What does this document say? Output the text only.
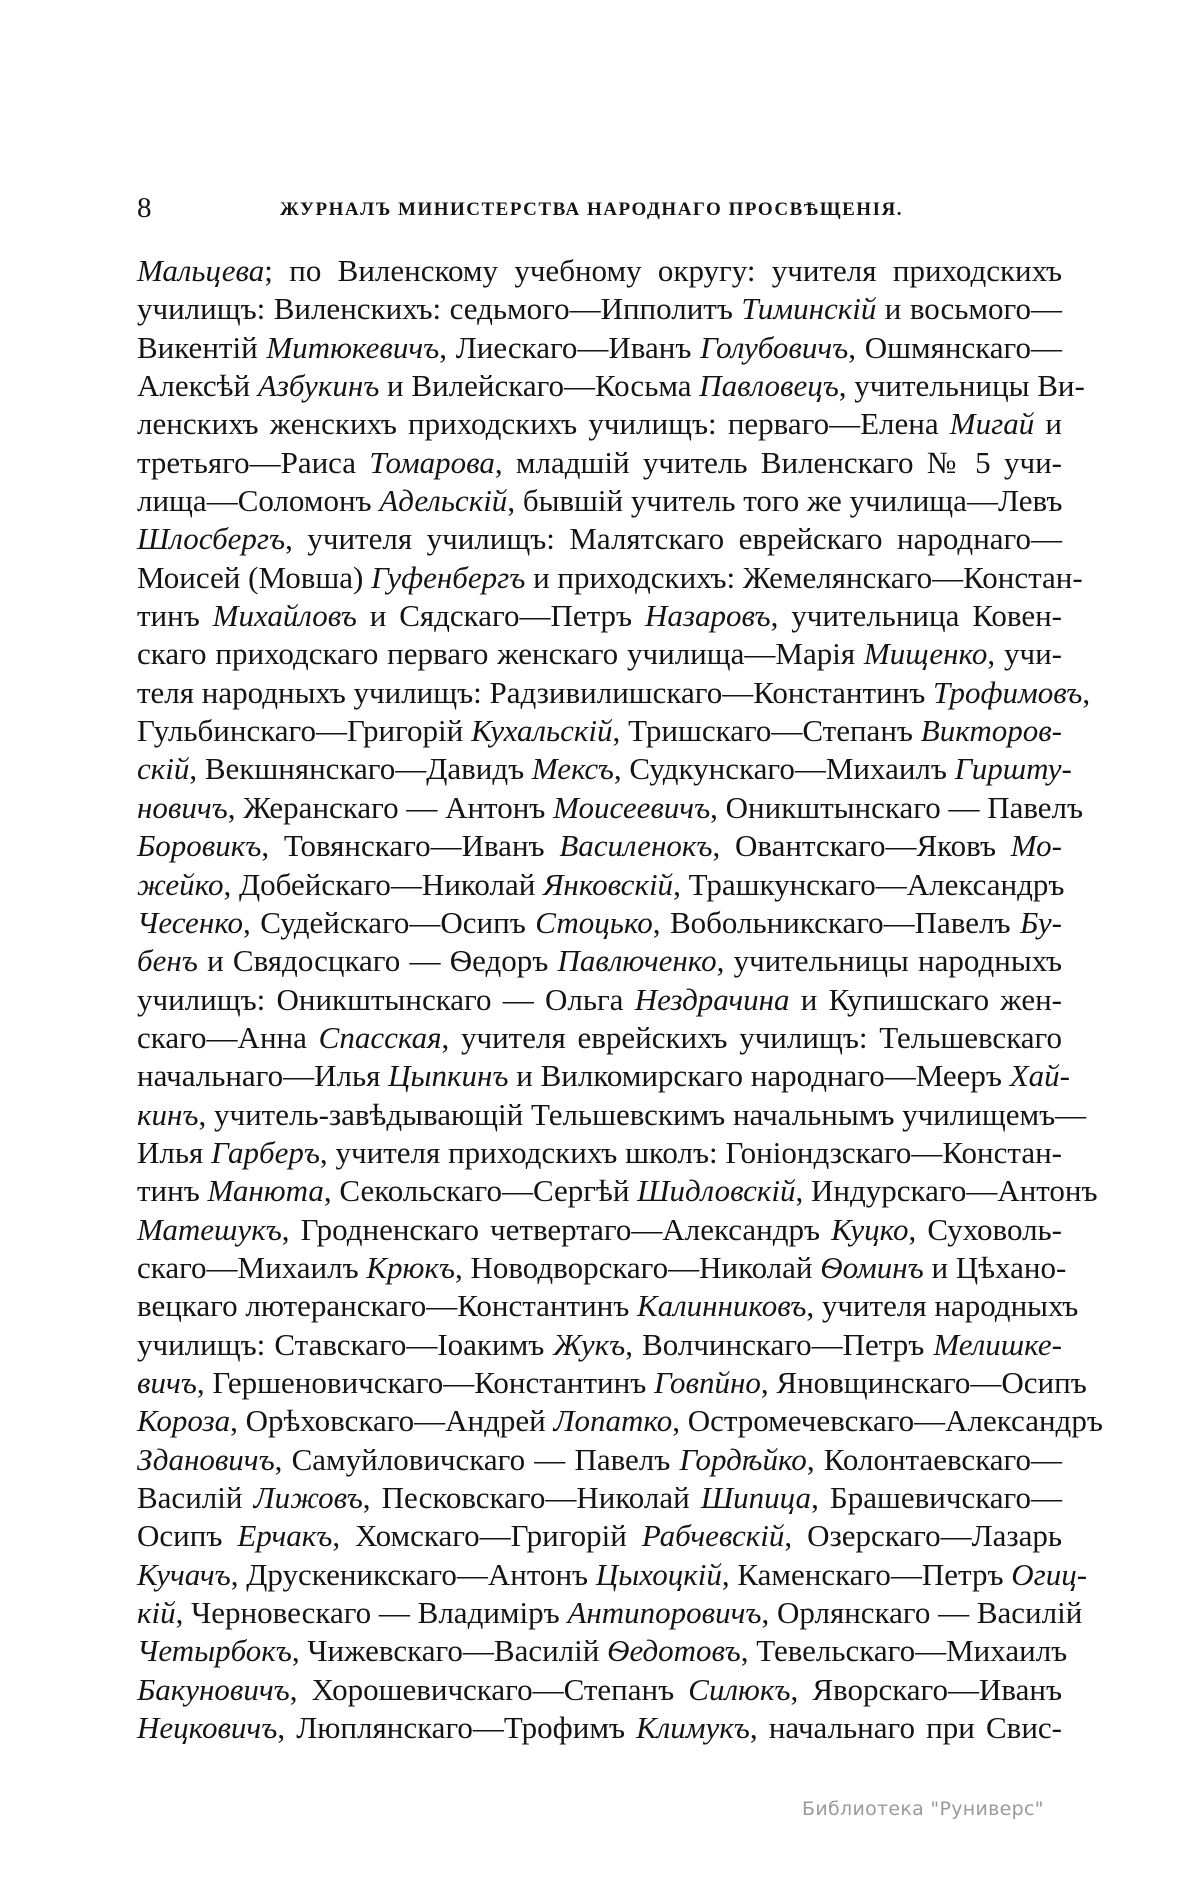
8	ЖУРНАЛЪ МИНИСТЕРСТВА НАРОДНАГО ПРОСВѢЩЕНІЯ.
Мальцева; по Виленскому учебному округу: учителя приходскихъ
училищъ: Виленскихъ: седьмого—Ипполитъ Тиминскій и восьмого—
Викентій Митюкевичъ, Лиескаго—Иванъ Голубовичъ, Ошмянскаго—
Алексѣй Азбукинъ и Вилейскаго—Косьма Павловецъ, учительницы Ви-
ленскихъ женскихъ приходскихъ училищъ: перваго—Елена Мигай и
третьяго—Раиса Томарова, младшій учитель Виленскаго № 5 учи-
лища—Соломонъ Адельскій, бывшій учитель того же училища—Левъ
Шлосбергъ, учителя училищъ: Малятскаго еврейскаго народнаго—
Моисей (Мовша) Гуфенбергъ и приходскихъ: Жемелянскаго—Констан-
тинъ Михайловъ и Сядскаго—Петръ Назаровъ, учительница Ковен-
скаго приходскаго перваго женскаго училища—Марія Мищенко, учи-
теля народныхъ училищъ: Радзивилишскаго—Константинъ Трофимовъ,
Гульбинскаго—Григорій Кухальскій, Тришскаго—Степанъ Викторов-
скій, Векшнянскаго—Давидъ Мексъ, Судкунскаго—Михаилъ Гиршту-
новичъ, Жеранскаго — Антонъ Моисеевичъ, Оникштынскаго — Павелъ
Боровикъ, Товянскаго—Иванъ Василенокъ, Овантскаго—Яковъ Мо-
жейко, Добейскаго—Николай Янковскій, Трашкунскаго—Александръ
Чесенко, Судейскаго—Осипъ Стоцько, Вобольникскаго—Павелъ Бу-
бенъ и Свядосцкаго — Ѳедоръ Павлюченко, учительницы народныхъ
училищъ: Оникштынскаго — Ольга Нездрачина и Купишскаго жен-
скаго—Анна Спасская, учителя еврейскихъ училищъ: Тельшевскаго
начальнаго—Илья Цыпкинъ и Вилкомирскаго народнаго—Мееръ Хай-
кинъ, учитель-завѣдывающій Тельшевскимъ начальнымъ училищемъ—
Илья Гарберъ, учителя приходскихъ школъ: Гоніондзскаго—Констан-
тинъ Манюта, Секольскаго—Сергѣй Шидловскій, Индурскаго—Антонъ
Матешукъ, Гродненскаго четвертаго—Александръ Куцко, Суховоль-
скаго—Михаилъ Крюкъ, Новодворскаго—Николай Ѳоминъ и Цѣхано-
вецкаго лютеранскаго—Константинъ Калинниковъ, учителя народныхъ
училищъ: Ставскаго—Іоакимъ Жукъ, Волчинскаго—Петръ Мелишке-
вичъ, Гершеновичскаго—Константинъ Говпйно, Яновщинскаго—Осипъ
Короза, Орѣховскаго—Андрей Лопатко, Остромечевскаго—Александръ
Здановичъ, Самуйловичскаго — Павелъ Гордѣйко, Колонтаевскаго—
Василій Лижовъ, Песковскаго—Николай Шипица, Брашевичскаго—
Осипъ Ерчакъ, Хомскаго—Григорій Рабчевскій, Озерскаго—Лазарь
Кучачъ, Друскеникскаго—Антонъ Цыхоцкій, Каменскаго—Петръ Огиц-
кій, Черновескаго — Владиміръ Антипоровичъ, Орлянскаго — Василій
Четырбокъ, Чижевскаго—Василій Ѳедотовъ, Тевельскаго—Михаилъ
Бакуновичъ, Хорошевичскаго—Степанъ Силюкъ, Яворскаго—Иванъ
Нецковичъ, Люплянскаго—Трофимъ Климукъ, начальнаго при Свис-
Библиотека "Руниверс"
